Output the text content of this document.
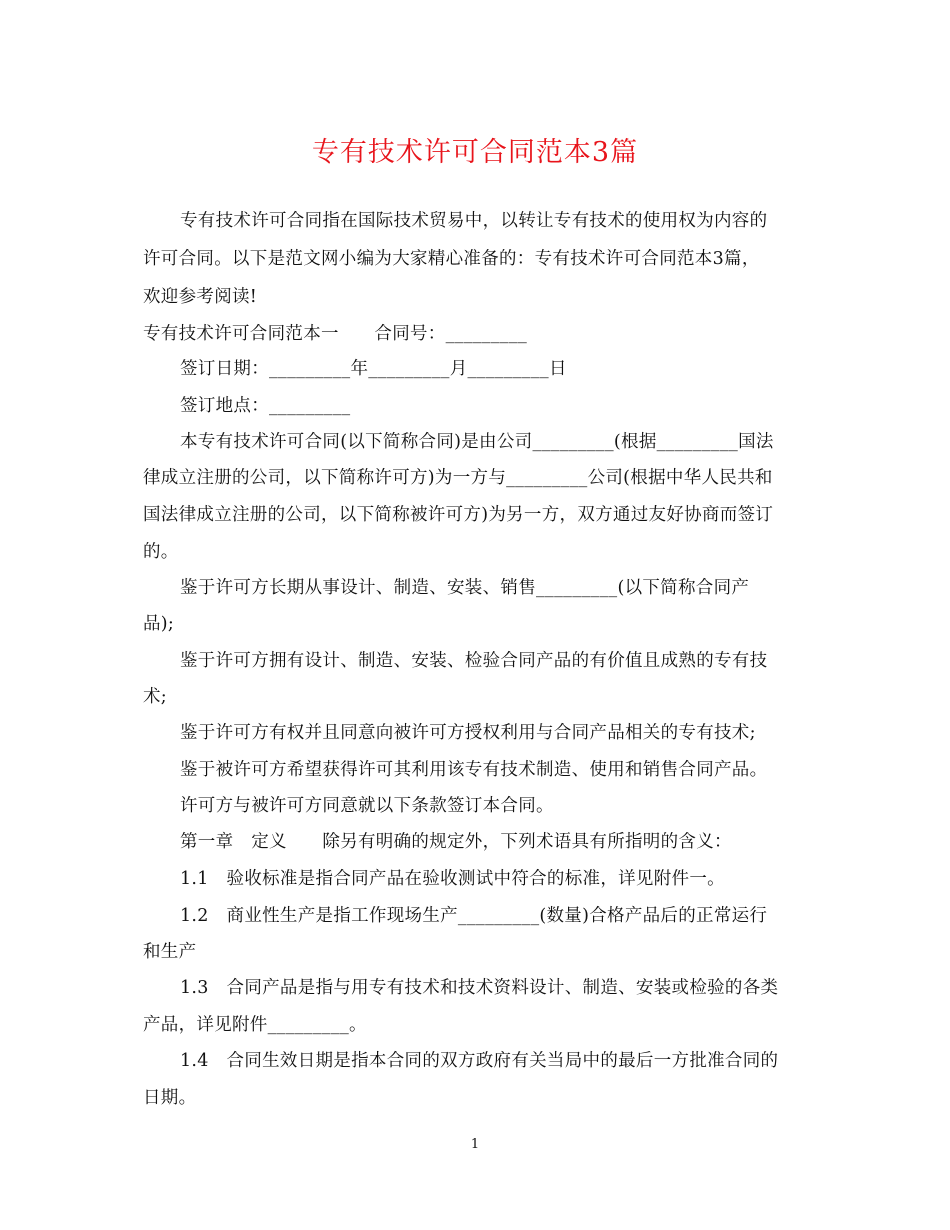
专有技术许可合同范本3篇
专有技术许可合同指在国际技术贸易中，以转让专有技术的使用权为内容的
许可合同。以下是范文网小编为大家精心准备的：专有技术许可合同范本3篇，
欢迎参考阅读!
专有技术许可合同范本一　　合同号：_________
签订日期：_________年_________月_________日
签订地点：_________
本专有技术许可合同(以下简称合同)是由公司_________(根据_________国法
律成立注册的公司，以下简称许可方)为一方与_________公司(根据中华人民共和
国法律成立注册的公司，以下简称被许可方)为另一方，双方通过友好协商而签订
的。
鉴于许可方长期从事设计、制造、安装、销售_________(以下简称合同产
品);
鉴于许可方拥有设计、制造、安装、检验合同产品的有价值且成熟的专有技
术;
鉴于许可方有权并且同意向被许可方授权利用与合同产品相关的专有技术;
鉴于被许可方希望获得许可其利用该专有技术制造、使用和销售合同产品。
许可方与被许可方同意就以下条款签订本合同。
第一章　定义　　除另有明确的规定外，下列术语具有所指明的含义：
1.1　验收标准是指合同产品在验收测试中符合的标准，详见附件一。
1.2　商业性生产是指工作现场生产_________(数量)合格产品后的正常运行
和生产
1.3　合同产品是指与用专有技术和技术资料设计、制造、安装或检验的各类
产品，详见附件_________。
1.4　合同生效日期是指本合同的双方政府有关当局中的最后一方批准合同的
日期。
1
